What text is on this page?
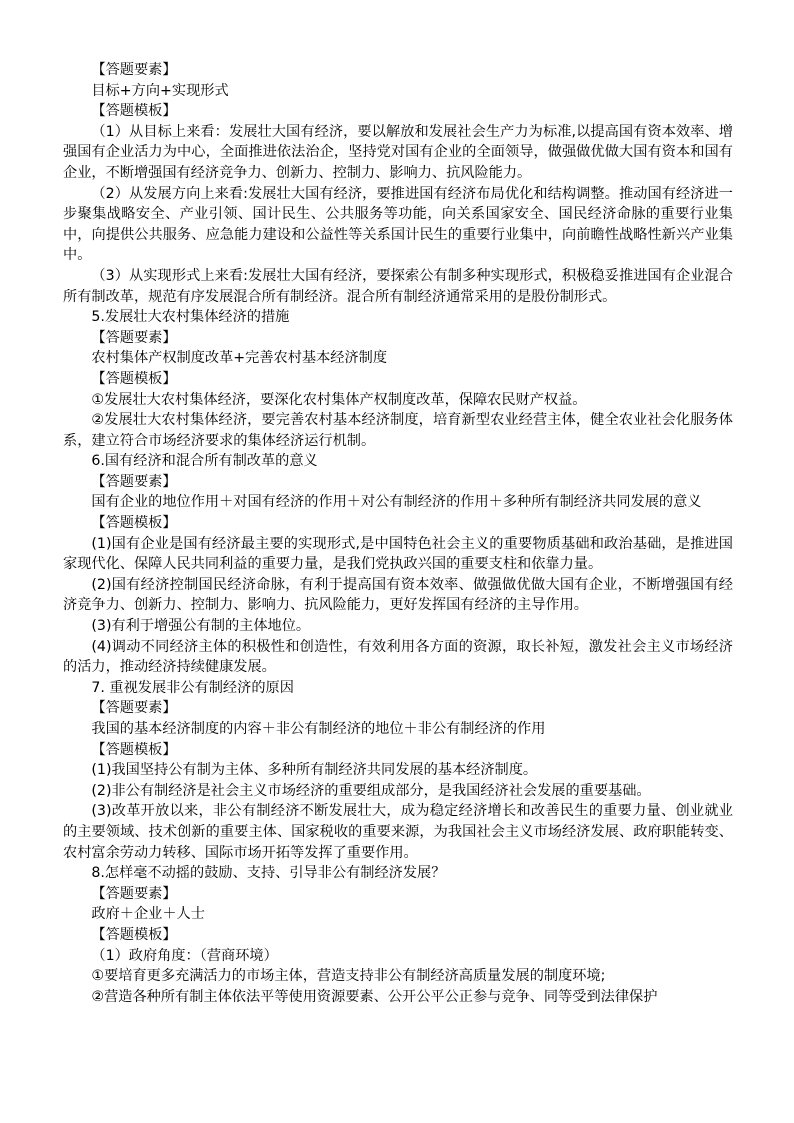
【答题要素】

目标+方向+实现形式

【答题模板】

（1）从目标上来看：发展壮大国有经济，要以解放和发展社会生产力为标准,以提高国有资本效率、增强国有企业活力为中心，全面推进依法治企，坚持党对国有企业的全面领导，做强做优做大国有资本和国有企业，不断增强国有经济竞争力、创新力、控制力、影响力、抗风险能力。

（2）从发展方向上来看:发展壮大国有经济，要推进国有经济布局优化和结构调整。推动国有经济进一步聚集战略安全、产业引领、国计民生、公共服务等功能，向关系国家安全、国民经济命脉的重要行业集中，向提供公共服务、应急能力建设和公益性等关系国计民生的重要行业集中，向前瞻性战略性新兴产业集中。

（3）从实现形式上来看:发展壮大国有经济，要探索公有制多种实现形式，积极稳妥推进国有企业混合所有制改革，规范有序发展混合所有制经济。混合所有制经济通常采用的是股份制形式。

5.发展壮大农村集体经济的措施

【答题要素】

农村集体产权制度改革+完善农村基本经济制度

【答题模板】

①发展壮大农村集体经济，要深化农村集体产权制度改革，保障农民财产权益。

②发展壮大农村集体经济，要完善农村基本经济制度，培育新型农业经营主体，健全农业社会化服务体系，建立符合市场经济要求的集体经济运行机制。

6.国有经济和混合所有制改革的意义

【答题要素】

国有企业的地位作用＋对国有经济的作用＋对公有制经济的作用＋多种所有制经济共同发展的意义

【答题模板】

(1)国有企业是国有经济最主要的实现形式,是中国特色社会主义的重要物质基础和政治基础，是推进国家现代化、保障人民共同利益的重要力量，是我们党执政兴国的重要支柱和依靠力量。

(2)国有经济控制国民经济命脉，有利于提高国有资本效率、做强做优做大国有企业，不断增强国有经济竞争力、创新力、控制力、影响力、抗风险能力，更好发挥国有经济的主导作用。

(3)有利于增强公有制的主体地位。

(4)调动不同经济主体的积极性和创造性，有效利用各方面的资源，取长补短，激发社会主义市场经济的活力，推动经济持续健康发展。

7. 重视发展非公有制经济的原因

【答题要素】

我国的基本经济制度的内容＋非公有制经济的地位＋非公有制经济的作用

【答题模板】

(1)我国坚持公有制为主体、多种所有制经济共同发展的基本经济制度。

(2)非公有制经济是社会主义市场经济的重要组成部分，是我国经济社会发展的重要基础。

(3)改革开放以来，非公有制经济不断发展壮大，成为稳定经济增长和改善民生的重要力量、创业就业的主要领域、技术创新的重要主体、国家税收的重要来源，为我国社会主义市场经济发展、政府职能转变、农村富余劳动力转移、国际市场开拓等发挥了重要作用。

8.怎样毫不动摇的鼓励、支持、引导非公有制经济发展？

【答题要素】

政府＋企业＋人士

【答题模板】

（1）政府角度：（营商环境）

①要培育更多充满活力的市场主体，营造支持非公有制经济高质量发展的制度环境;

②营造各种所有制主体依法平等使用资源要素、公开公平公正参与竞争、同等受到法律保护
